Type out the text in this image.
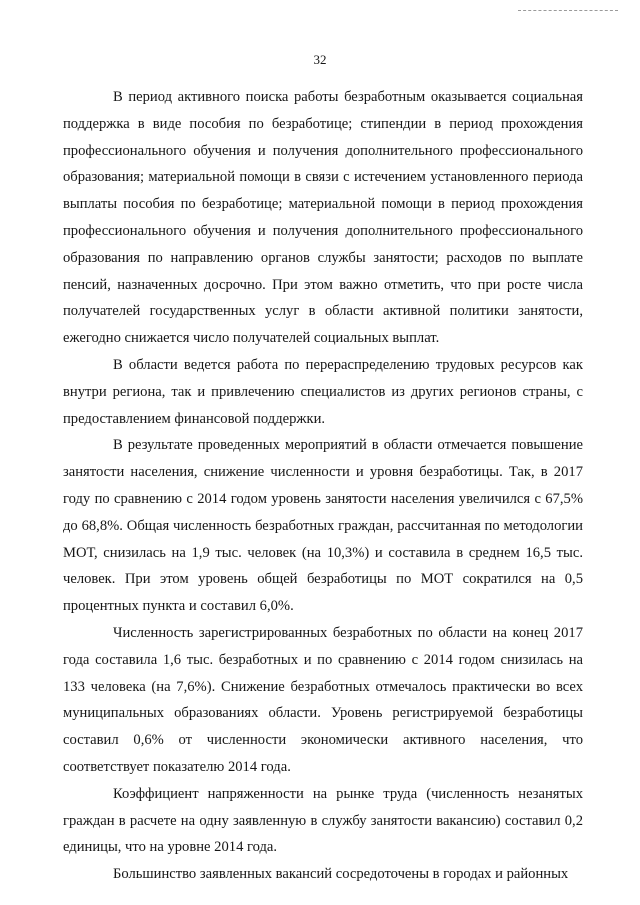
32

В период активного поиска работы безработным оказывается социальная поддержка в виде пособия по безработице; стипендии в период прохождения профессионального обучения и получения дополнительного профессионального образования; материальной помощи в связи с истечением установленного периода выплаты пособия по безработице; материальной помощи в период прохождения профессионального обучения и получения дополнительного профессионального образования по направлению органов службы занятости; расходов по выплате пенсий, назначенных досрочно. При этом важно отметить, что при росте числа получателей государственных услуг в области активной политики занятости, ежегодно снижается число получателей социальных выплат.

В области ведется работа по перераспределению трудовых ресурсов как внутри региона, так и привлечению специалистов из других регионов страны, с предоставлением финансовой поддержки.

В результате проведенных мероприятий в области отмечается повышение занятости населения, снижение численности и уровня безработицы. Так, в 2017 году по сравнению с 2014 годом уровень занятости населения увеличился с 67,5% до 68,8%. Общая численность безработных граждан, рассчитанная по методологии МОТ, снизилась на 1,9 тыс. человек (на 10,3%) и составила в среднем 16,5 тыс. человек. При этом уровень общей безработицы по МОТ сократился на 0,5 процентных пункта и составил 6,0%.

Численность зарегистрированных безработных по области на конец 2017 года составила 1,6 тыс. безработных и по сравнению с 2014 годом снизилась на 133 человека (на 7,6%). Снижение безработных отмечалось практически во всех муниципальных образованиях области. Уровень регистрируемой безработицы составил 0,6% от численности экономически активного населения, что соответствует показателю 2014 года.

Коэффициент напряженности на рынке труда (численность незанятых граждан в расчете на одну заявленную в службу занятости вакансию) составил 0,2 единицы, что на уровне 2014 года.

Большинство заявленных вакансий сосредоточены в городах и районных
